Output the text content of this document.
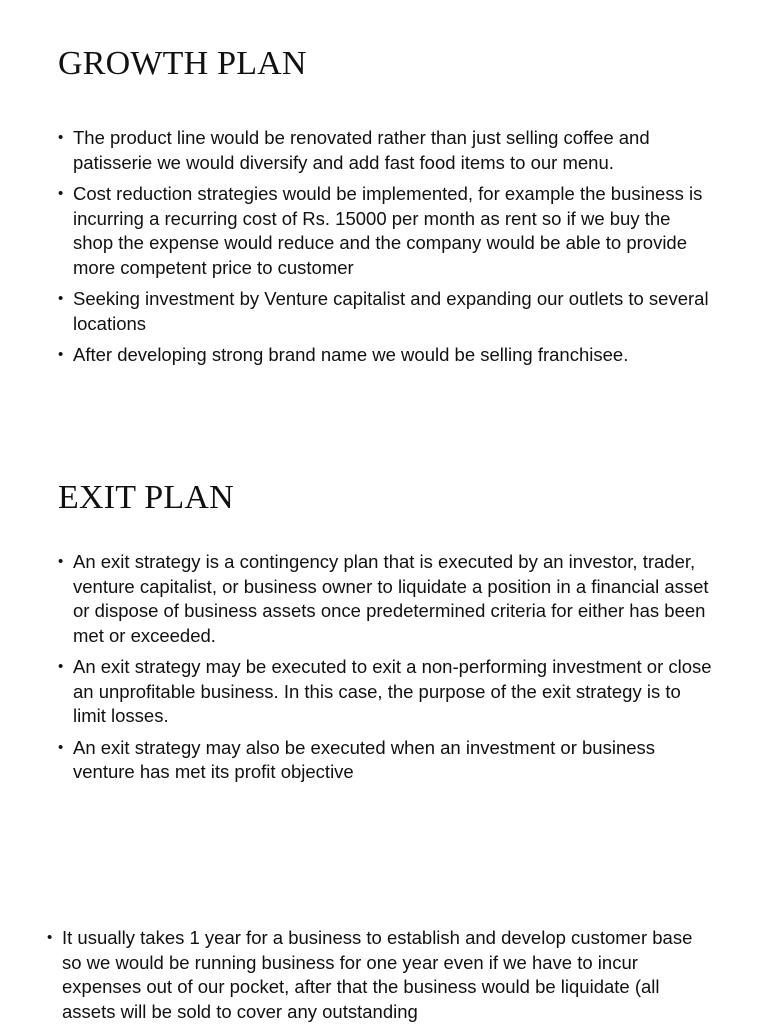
GROWTH PLAN
• The product line would be renovated rather than just selling coffee and patisserie we would diversify and add fast food items to our menu.
• Cost reduction strategies would be implemented, for example the business is incurring a recurring cost of Rs. 15000 per month as rent so if we buy the shop the expense would reduce and the company would be able to provide more competent price to customer
• Seeking investment by Venture capitalist and expanding our outlets to several locations
• After developing strong brand name we would be selling franchisee.
EXIT PLAN
• An exit strategy is a contingency plan that is executed by an investor, trader, venture capitalist, or business owner to liquidate a position in a financial asset or dispose of business assets once predetermined criteria for either has been met or exceeded.
• An exit strategy may be executed to exit a non-performing investment or close an unprofitable business. In this case, the purpose of the exit strategy is to limit losses.
• An exit strategy may also be executed when an investment or business venture has met its profit objective
• It usually takes 1 year for a business to establish and develop customer base so we would be running business for one year even if we have to incur expenses out of our pocket, after that the business would be liquidate (all assets will be sold to cover any outstanding
